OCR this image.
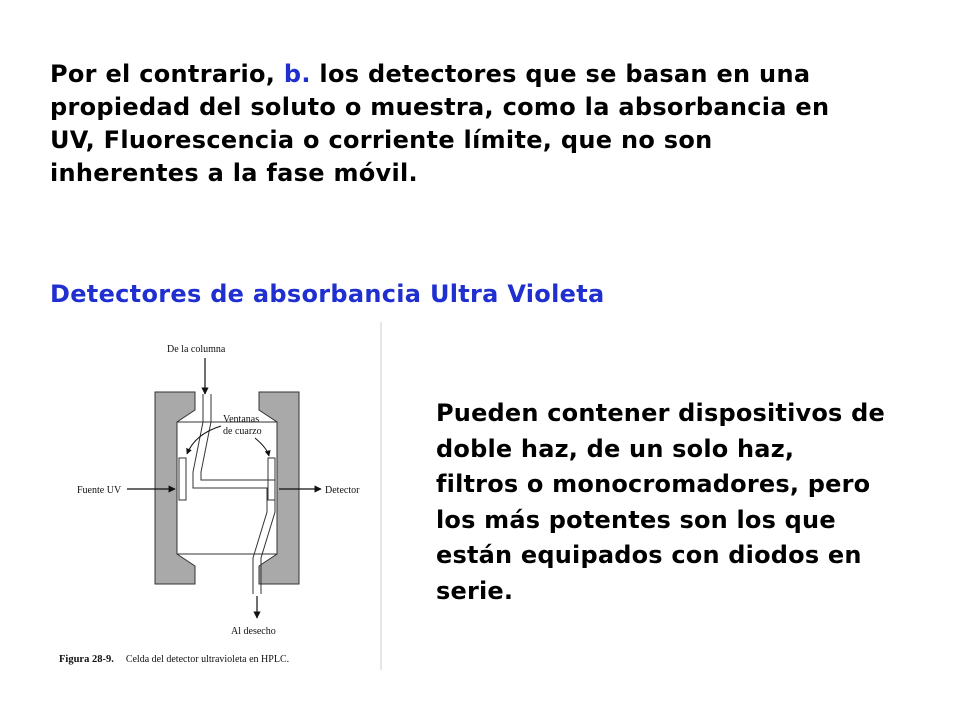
Por el contrario, b. los detectores que se basan en una
propiedad del soluto o muestra, como la absorbancia en
UV, Fluorescencia o corriente límite, que no son
inherentes a la fase móvil.
Detectores de absorbancia Ultra Violeta
De la columna
Ventanas
de cuarzo
Fuente UV	Detector
Al desecho
Figura 28-9. Celda del detector ultravioleta en HPLC.
Pueden contener dispositivos de
doble haz, de un solo haz,
filtros o monocromadores, pero
los más potentes son los que
están equipados con diodos en
serie.
